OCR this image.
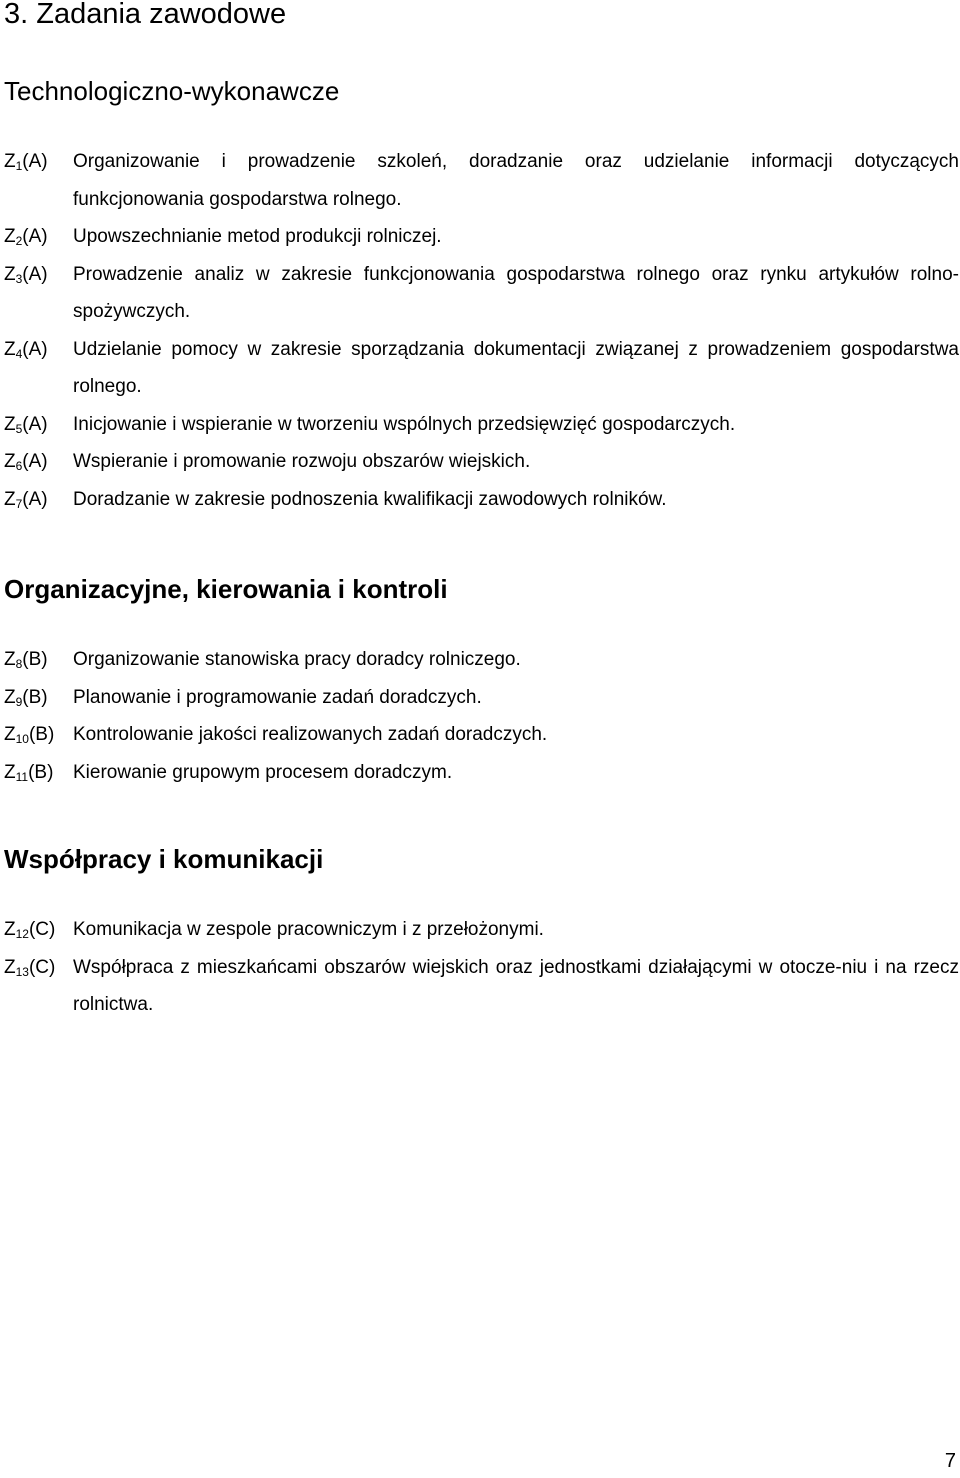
3. Zadania zawodowe
Technologiczno-wykonawcze
$Z_1(A)$	Organizowanie i prowadzenie szkoleń, doradzanie oraz udzielanie informacji dotyczących funkcjonowania gospodarstwa rolnego.
$Z_2(A)$	Upowszechnianie metod produkcji rolniczej.
$Z_3(A)$	Prowadzenie analiz w zakresie funkcjonowania gospodarstwa rolnego oraz rynku artykułów rolno-spożywczych.
$Z_4(A)$	Udzielanie pomocy w zakresie sporządzania dokumentacji związanej z prowadzeniem gospodarstwa rolnego.
$Z_5(A)$	Inicjowanie i wspieranie w tworzeniu wspólnych przedsięwzięć gospodarczych.
$Z_6(A)$	Wspieranie i promowanie rozwoju obszarów wiejskich.
$Z_7(A)$	Doradzanie w zakresie podnoszenia kwalifikacji zawodowych rolników.
Organizacyjne, kierowania i kontroli
$Z_8(B)$	Organizowanie stanowiska pracy doradcy rolniczego.
$Z_9(B)$	Planowanie i programowanie zadań doradczych.
$Z_{10}(B)$ Kontrolowanie jakości realizowanych zadań doradczych.
$Z_{11}(B)$	Kierowanie grupowym procesem doradczym.
Współpracy i komunikacji
$Z_{12}(C)$ Komunikacja w zespole pracowniczym i z przełożonymi.
$Z_{13}(C)$ Współpraca z mieszkańcami obszarów wiejskich oraz jednostkami działającymi w otocze-niu i na rzecz rolnictwa.
7
